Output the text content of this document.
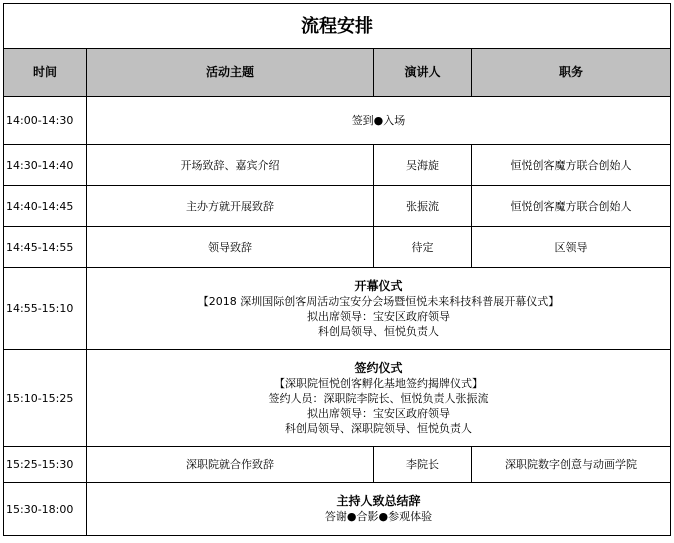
流程安排			
时间	活动主题	演讲人	职务
14:00-14:30	签到●入场		
14:30-14:40	开场致辞、嘉宾介绍	吴海旋	恒悦创客魔方联合创始人
14:40-14:45	主办方就开展致辞	张振流	恒悦创客魔方联合创始人
14:45-14:55	领导致辞	待定	区领导
14:55-15:10	开幕仪式
【2018 深圳国际创客周活动宝安分会场暨恒悦未来科技科普展开幕仪式】
拟出席领导：宝安区政府领导
科创局领导、恒悦负责人		

15:10-15:25	签约仪式
【深职院恒悦创客孵化基地签约揭牌仪式】
签约人员：深职院李院长、恒悦负责人张振流
拟出席领导：宝安区政府领导
科创局领导、深职院领导、恒悦负责人		

15:25-15:30	深职院就合作致辞	李院长	深职院数字创意与动画学院
15:30-18:00	主持人致总结辞
答谢●合影●参观体验		
